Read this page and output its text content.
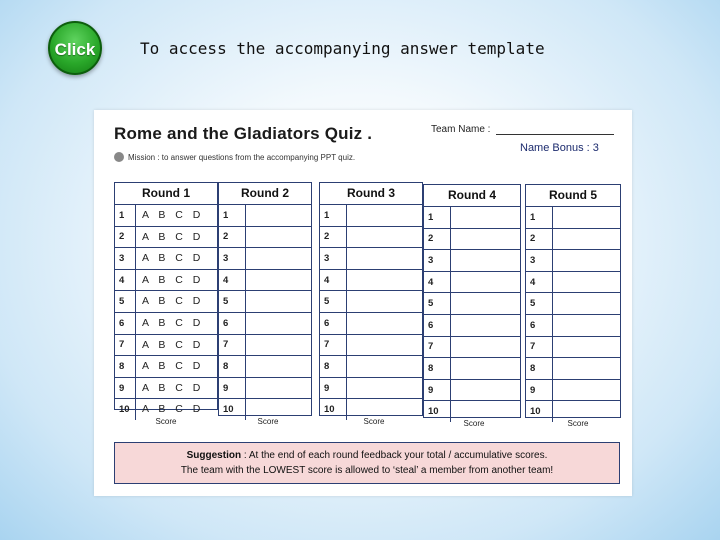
Click	To access the accompanying answer template
Rome and the Gladiators Quiz .	Team Name :
Name Bonus : 3
Mission : to answer questions from the accompanying PPT quiz.
Round 1
1	A B C D
2	A B C D
3	A B C D
4	A B C D
5	A B C D
6	A B C D
7	A B C D
8	A B C D
9	A B C D
10	A B C D
Score
Round 2
1
2
3
4
5
6
7
8
9
10
Score
Round 3
1
2
3
4
5
6
7
8
9
10
Score
Round 4
1
2
3
4
5
6
7
8
9
10
Score
Round 5
1
2
3
4
5
6
7
8
9
10
Score
Suggestion : At the end of each round feedback your total / accumulative scores.
The team with the LOWEST score is allowed to ‘steal’ a member from another team!
